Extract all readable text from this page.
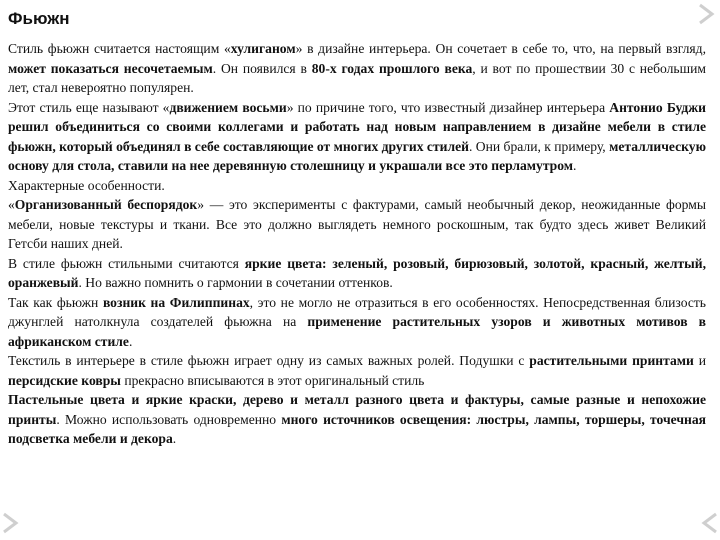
Фьюжн

Стиль фьюжн считается настоящим «хулиганом» в дизайне интерьера. Он сочетает в себе то, что, на первый взгляд, может показаться несочетаемым. Он появился в 80-х годах прошлого века, и вот по прошествии 30 с небольшим лет, стал невероятно популярен.

Этот стиль еще называют «движением восьми» по причине того, что известный дизайнер интерьера Антонио Буджи решил объединиться со своими коллегами и работать над новым направлением в дизайне мебели в стиле фьюжн, который объединял в себе составляющие от многих других стилей. Они брали, к примеру, металлическую основу для стола, ставили на нее деревянную столешницу и украшали все это перламутром.

Характерные особенности.

«Организованный беспорядок» — это эксперименты с фактурами, самый необычный декор, неожиданные формы мебели, новые текстуры и ткани. Все это должно выглядеть немного роскошным, так будто здесь живет Великий Гетсби наших дней.

В стиле фьюжн стильными считаются яркие цвета: зеленый, розовый, бирюзовый, золотой, красный, желтый, оранжевый. Но важно помнить о гармонии в сочетании оттенков.

Так как фьюжн возник на Филиппинах, это не могло не отразиться в его особенностях. Непосредственная близость джунглей натолкнула создателей фьюжна на применение растительных узоров и животных мотивов в африканском стиле.

Текстиль в интерьере в стиле фьюжн играет одну из самых важных ролей. Подушки с растительными принтами и персидские ковры прекрасно вписываются в этот оригинальный стиль

Пастельные цвета и яркие краски, дерево и металл разного цвета и фактуры, самые разные и непохожие принты. Можно использовать одновременно много источников освещения: люстры, лампы, торшеры, точечная подсветка мебели и декора.
